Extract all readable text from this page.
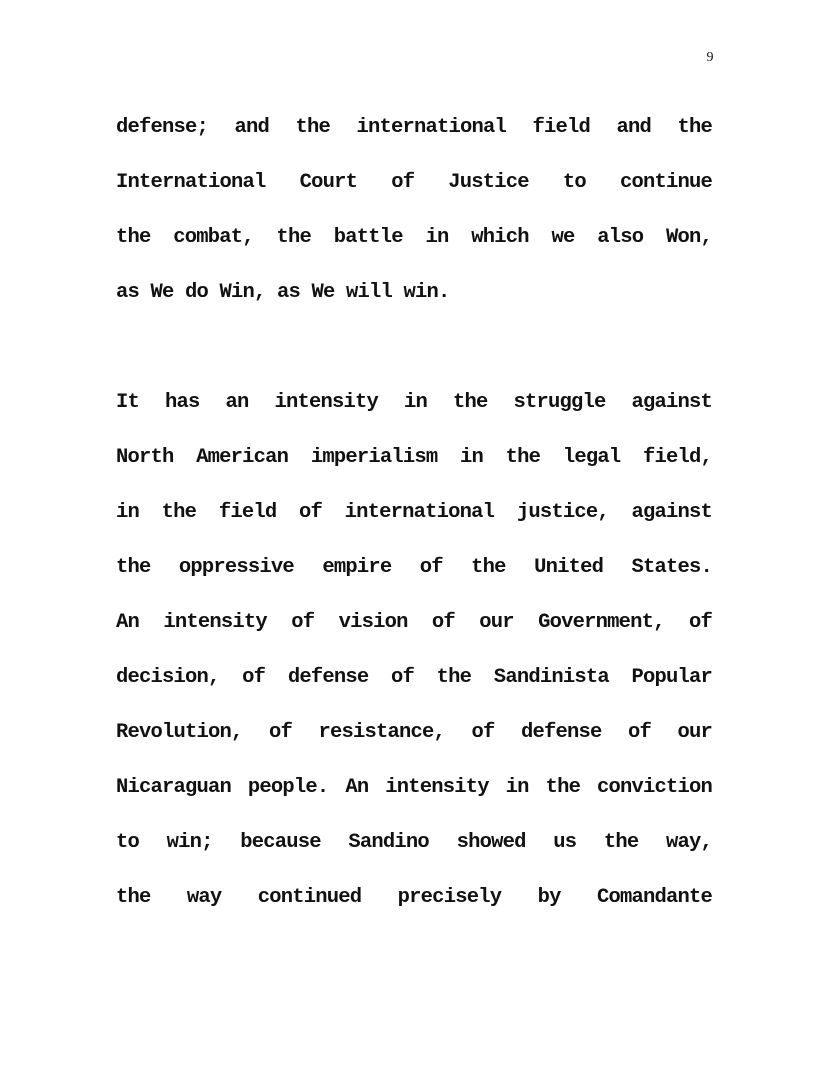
9
defense; and the international field and the
International Court of Justice to continue
the combat, the battle in which we also Won,
as We do Win, as We will win.
It has an intensity in the struggle against
North American imperialism in the legal field,
in the field of international justice, against
the oppressive empire of the United States.
An intensity of vision of our Government, of
decision, of defense of the Sandinista Popular
Revolution, of resistance, of defense of our
Nicaraguan people. An intensity in the conviction
to win; because Sandino showed us the way,
the way continued precisely by Comandante
